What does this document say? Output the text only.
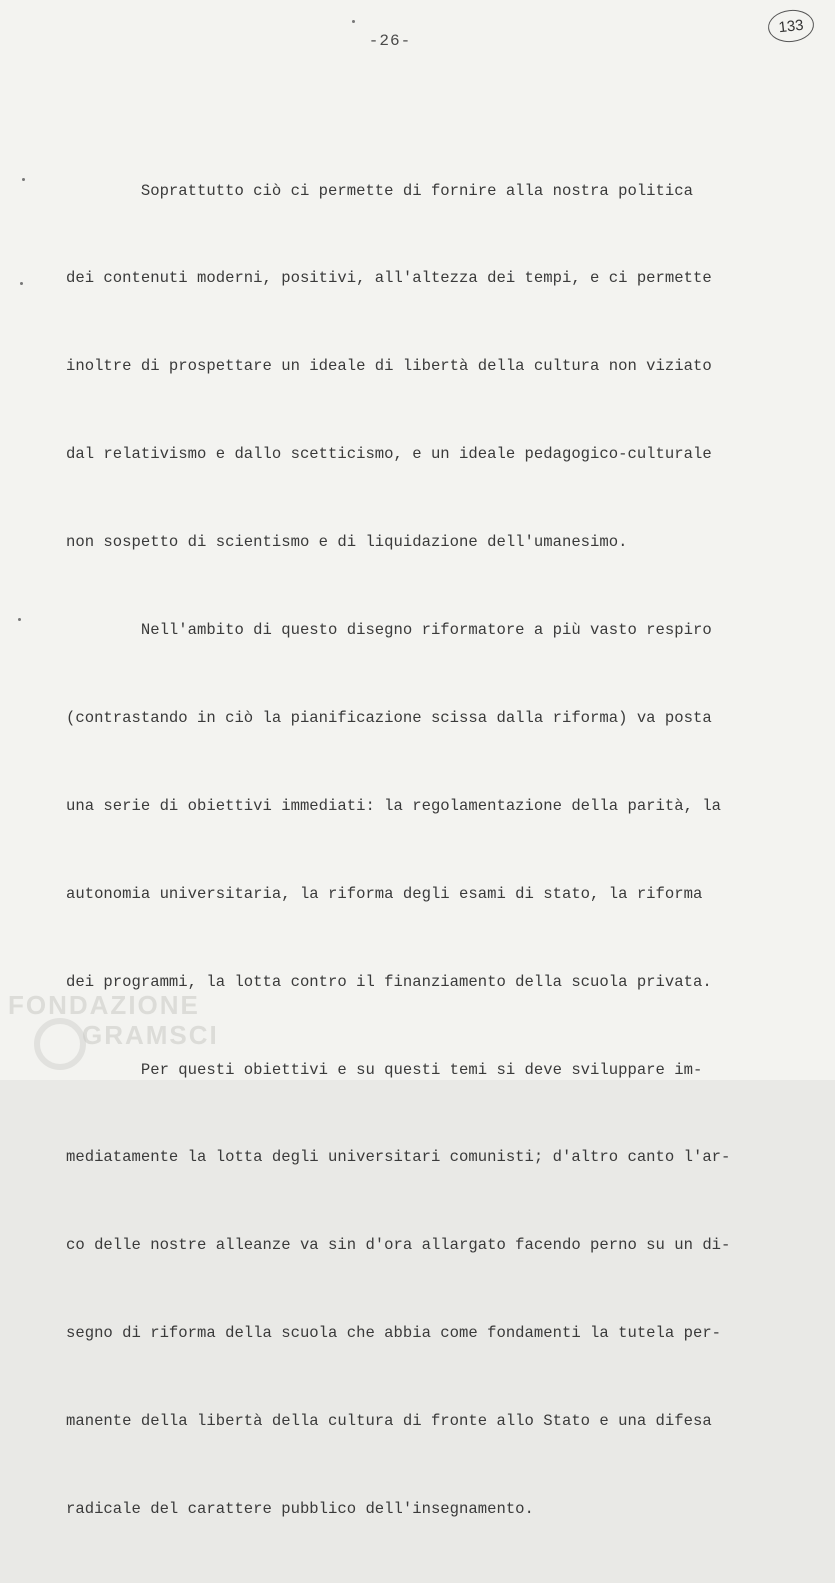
-26-
133

Soprattutto ciò ci permette di fornire alla nostra politica

dei contenuti moderni, positivi, all'altezza dei tempi, e ci permette

inoltre di prospettare un ideale di libertà della cultura non viziato

dal relativismo e dallo scetticismo, e un ideale pedagogico-culturale

non sospetto di scientismo e di liquidazione dell'umanesimo.

Nell'ambito di questo disegno riformatore a più vasto respiro

(contrastando in ciò la pianificazione scissa dalla riforma) va posta

una serie di obiettivi immediati: la regolamentazione della parità, la

autonomia universitaria, la riforma degli esami di stato, la riforma

dei programmi, la lotta contro il finanziamento della scuola privata.

Per questi obiettivi e su questi temi si deve sviluppare im-

mediatamente la lotta degli universitari comunisti; d'altro canto l'ar-

co delle nostre alleanze va sin d'ora allargato facendo perno su un di-

segno di riforma della scuola che abbia come fondamenti la tutela per-

manente della libertà della cultura di fronte allo Stato e una difesa

radicale del carattere pubblico dell'insegnamento.

FONDAZIONE
GRAMSCI
